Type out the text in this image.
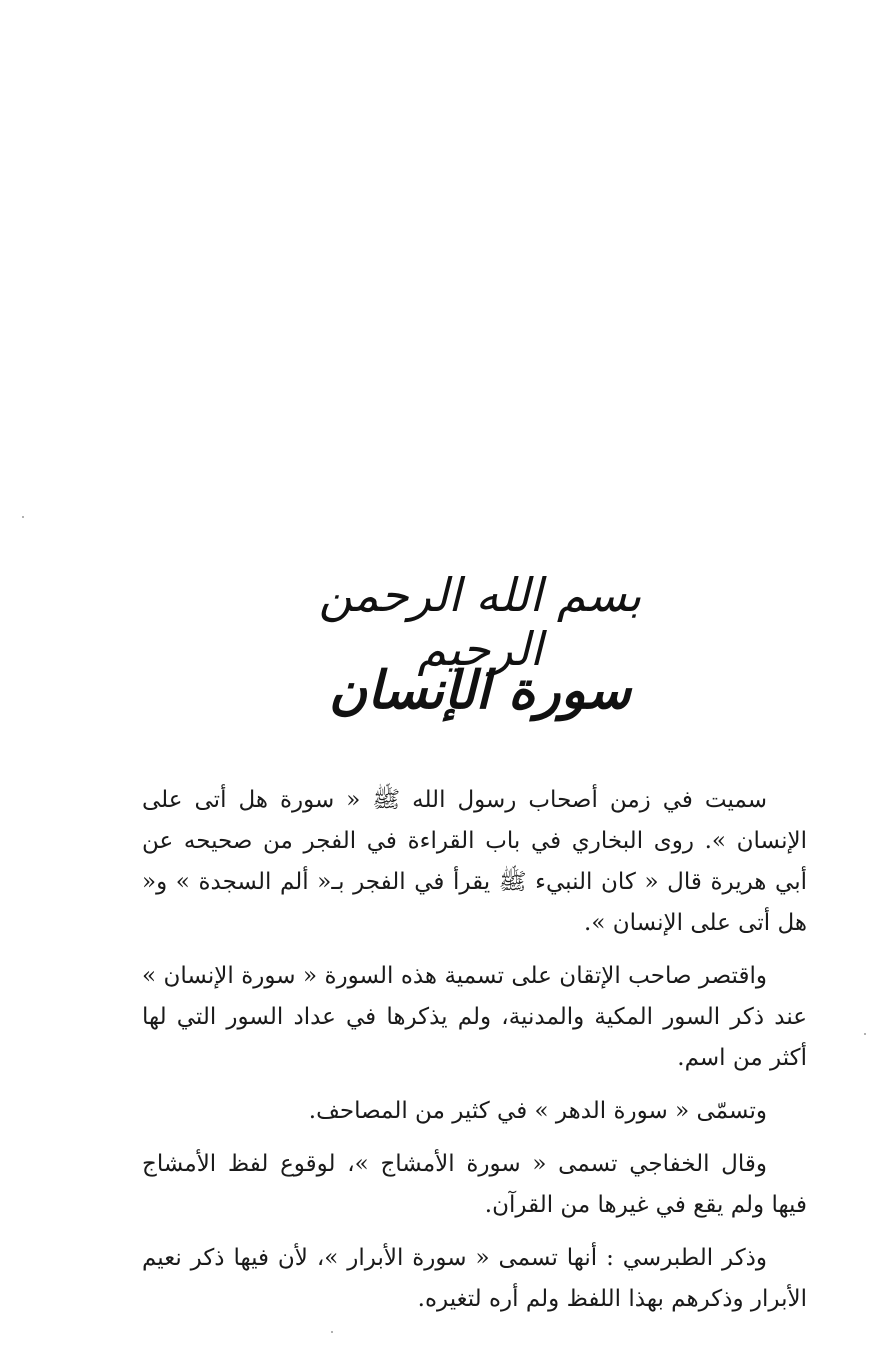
بسم الله الرحمن الرحيم
سورة الإنسان

سميت في زمن أصحاب رسول الله ﷺ « سورة هل أتى على الإنسان ». روى البخاري في باب القراءة في الفجر من صحيحه عن أبي هريرة قال « كان النبيء ﷺ يقرأ في الفجر بـ« ألم السجدة » و« هل أتى على الإنسان ».

واقتصر صاحب الإتقان على تسمية هذه السورة « سورة الإنسان » عند ذكر السور المكية والمدنية، ولم يذكرها في عداد السور التي لها أكثر من اسم.

وتسمّى « سورة الدهر » في كثير من المصاحف.

وقال الخفاجي تسمى « سورة الأمشاج »، لوقوع لفظ الأمشاج فيها ولم يقع في غيرها من القرآن.

وذكر الطبرسي : أنها تسمى « سورة الأبرار »، لأن فيها ذكر نعيم الأبرار وذكرهم بهذا اللفظ ولم أره لتغيره.
